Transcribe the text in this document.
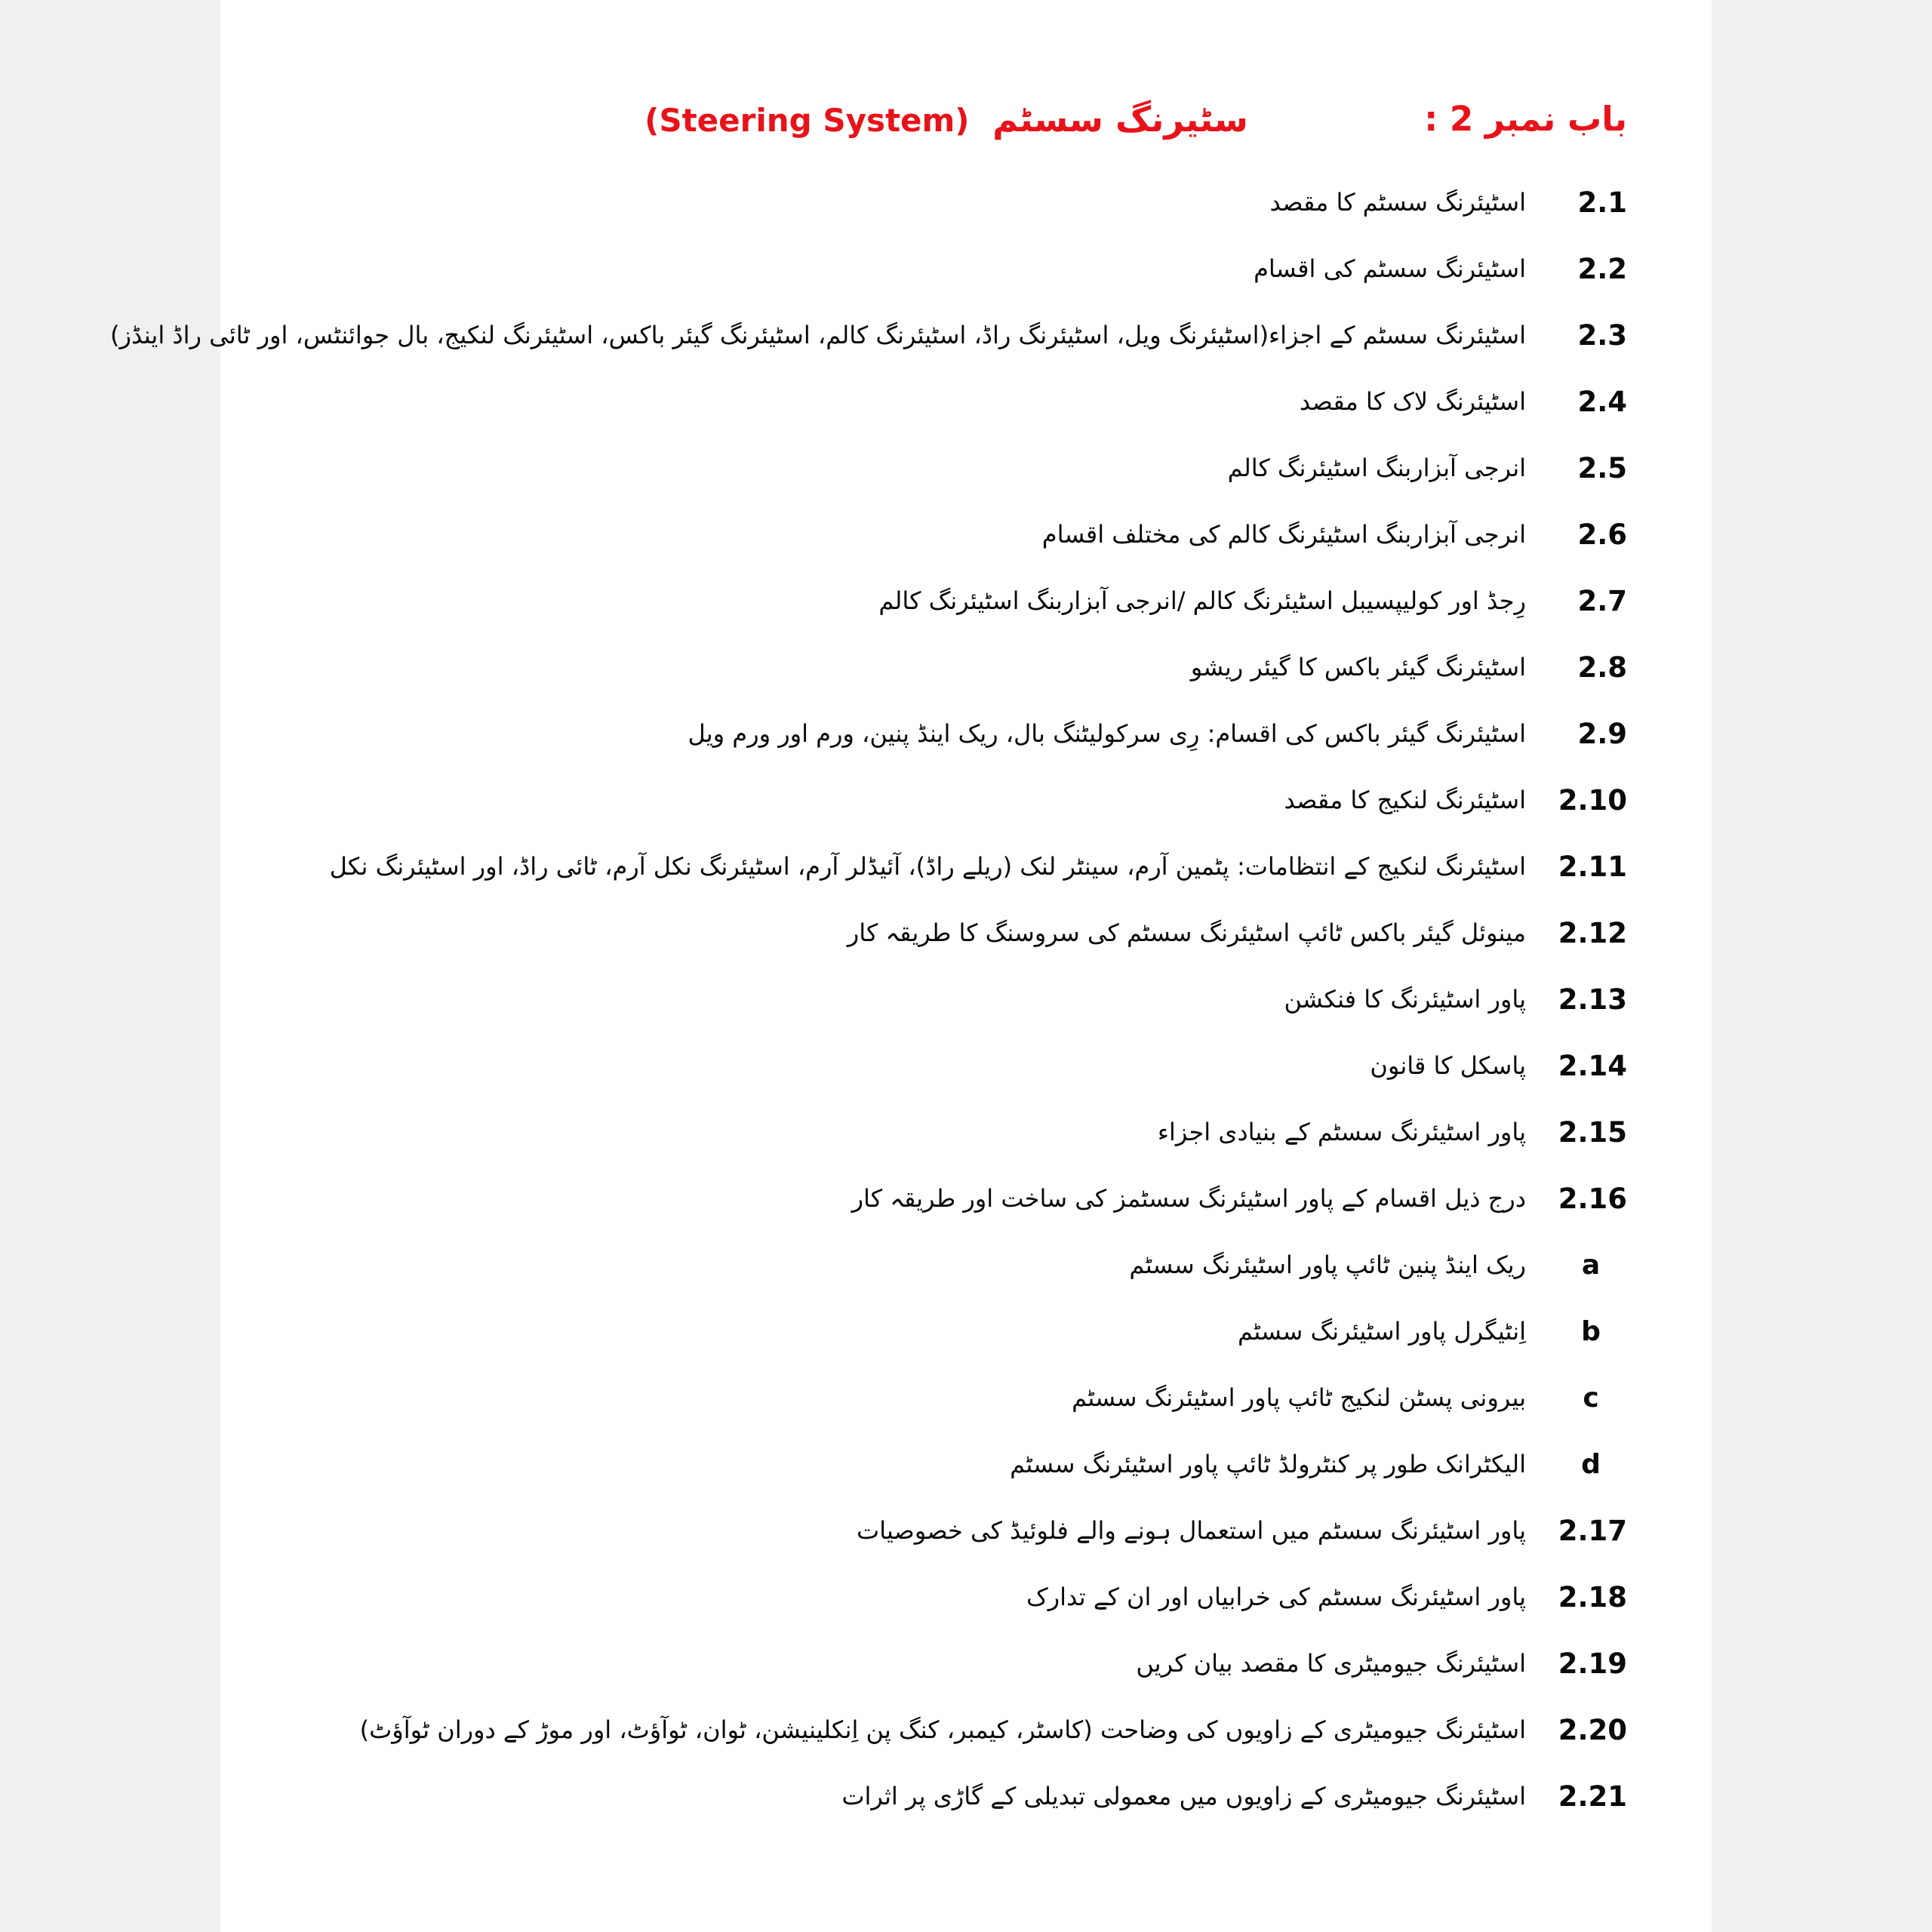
(Steering System) سٹیرنگ سسٹم	باب نمبر 2 :
اسٹیئرنگ سسٹم کا مقصد	2.1
اسٹیئرنگ سسٹم کی اقسام	2.2
اسٹیئرنگ سسٹم کے اجزاء(اسٹیئرنگ ویل، اسٹیئرنگ راڈ، اسٹیئرنگ کالم، اسٹیئرنگ گیئر باکس، اسٹیئرنگ لنکیج، بال جوائنٹس، اور ٹائی راڈ اینڈز)	2.3
اسٹیئرنگ لاک کا مقصد	2.4
انرجی آبزاربنگ اسٹیئرنگ کالم	2.5
انرجی آبزاربنگ اسٹیئرنگ کالم کی مختلف اقسام	2.6
رِجڈ اور کولیپسیبل اسٹیئرنگ کالم /انرجی آبزاربنگ اسٹیئرنگ کالم	2.7
اسٹیئرنگ گیئر باکس کا گیئر ریشو	2.8
اسٹیئرنگ گیئر باکس کی اقسام: رِی سرکولیٹنگ بال، ریک اینڈ پنین، ورم اور ورم ویل	2.9
اسٹیئرنگ لنکیج کا مقصد 2.10
اسٹیئرنگ لنکیج کے انتظامات: پٹمین آرم، سینٹر لنک (ریلے راڈ)، آئیڈلر آرم، اسٹیئرنگ نکل آرم، ٹائی راڈ، اور اسٹیئرنگ نکل 2.11
مینوئل گیئر باکس ٹائپ اسٹیئرنگ سسٹم کی سروسنگ کا طریقہ کار 2.12
پاور اسٹیئرنگ کا فنکشن 2.13
پاسکل کا قانون 2.14
پاور اسٹیئرنگ سسٹم کے بنیادی اجزاء 2.15
درج ذیل اقسام کے پاور اسٹیئرنگ سسٹمز کی ساخت اور طریقہ کار 2.16
ریک اینڈ پنین ٹائپ پاور اسٹیئرنگ سسٹم	a
اِنٹیگرل پاور اسٹیئرنگ سسٹم	b
بیرونی پسٹن لنکیج ٹائپ پاور اسٹیئرنگ سسٹم	c
الیکٹرانک طور پر کنٹرولڈ ٹائپ پاور اسٹیئرنگ سسٹم	d
پاور اسٹیئرنگ سسٹم میں استعمال ہونے والے فلوئیڈ کی خصوصیات 2.17
پاور اسٹیئرنگ سسٹم کی خرابیاں اور ان کے تدارک 2.18
اسٹیئرنگ جیومیٹری کا مقصد بیان کریں 2.19
اسٹیئرنگ جیومیٹری کے زاویوں کی وضاحت (کاسٹر، کیمبر، کنگ پن اِنکلینیشن، ٹوان، ٹوآؤٹ، اور موڑ کے دوران ٹوآؤٹ) 2.20
اسٹیئرنگ جیومیٹری کے زاویوں میں معمولی تبدیلی کے گاڑی پر اثرات 2.21
